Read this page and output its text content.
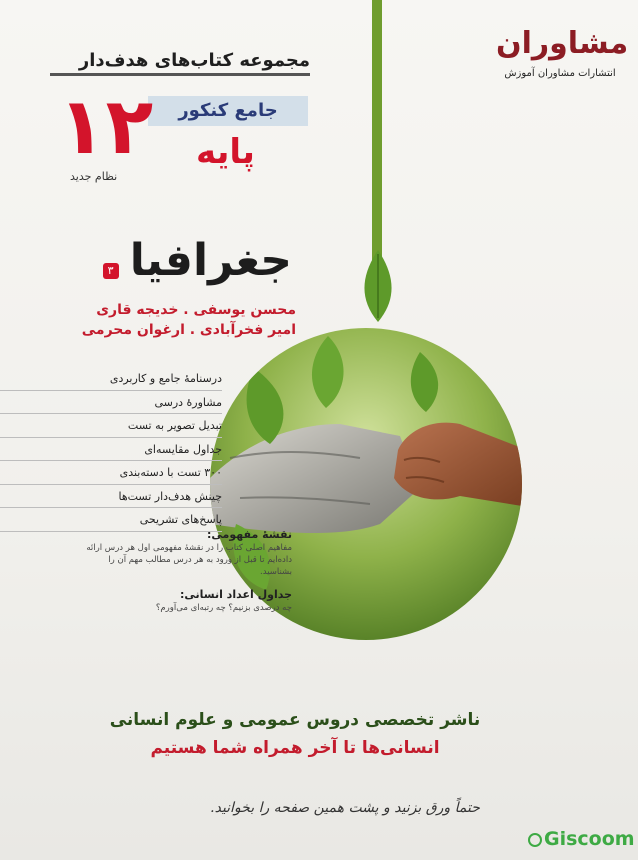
مشاوران
انتشارات مشاوران آموزش
مجموعه کتاب‌های هدف‌دار
جامع کنکور
۱۲ پایه
نظام جدید
جغرافیا ۳
محسن یوسفی . خدیجه قاری
امیر فخرآبادی . ارغوان محرمی
درسنامهٔ جامع و کاربردی
مشاورهٔ درسی
تبدیل تصویر به تست
جداول مقایسه‌ای
۳۰۰ تست با دسته‌بندی
چینش هدف‌دار تست‌ها
پاسخ‌های تشریحی
نقشهٔ مفهومی:
مفاهیم اصلی کتاب را در نقشهٔ مفهومی اول هر درس ارائه داده‌ایم تا قبل از ورود به هر درس مطالب مهم آن را بشناسید.
جداول اعداد انسانی:
چه درصدی بزنیم؟ چه رتبه‌ای می‌آورم؟
ناشر تخصصی دروس عمومی و علوم انسانی
انسانی‌ها تا آخر همراه شما هستیم
حتماً ورق بزنید و پشت همین صفحه را بخوانید.
Giscoom
